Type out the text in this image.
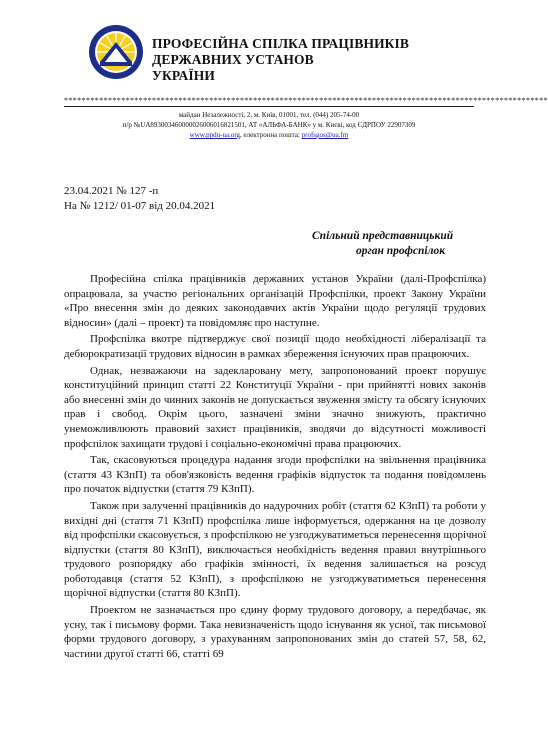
ПРОФЕСІЙНА СПІЛКА ПРАЦІВНИКІВ
ДЕРЖАВНИХ УСТАНОВ
УКРАЇНИ
**************************************************************************************************************
майдан Незалежності, 2, м. Київ, 01001, тел. (044) 205-74-00
п/р №UA893003460000026006016821501, АТ «АЛЬФА-БАНК» у м. Києві, код ЄДРПОУ 22907309
www.ppdu-ua.org, електронна пошта: profsgos@ua.fm
23.04.2021 № 127 -п
На № 1212/ 01-07 від 20.04.2021
Спільний представницький
орган профспілок

Професійна спілка працівників державних установ України (далі-Профспілка) опрацювала, за участю регіональних організацій Профспілки, проект Закону України «Про внесення змін до деяких законодавчих актів України щодо регуляції трудових відносин» (далі – проект) та повідомляє про наступне.

Профспілка вкотре підтверджує свої позиції щодо необхідності лібералізації та дебюрократизації трудових відносин в рамках збереження існуючих прав працюючих.

Однак, незважаючи на задекларовану мету, запропонований проект порушує конституційний принцип статті 22 Конституції України - при прийнятті нових законів або внесенні змін до чинних законів не допускається звуження змісту та обсягу існуючих прав і свобод. Окрім цього, зазначені зміни значно знижують, практично унеможливлюють правовий захист працівників, зводячи до відсутності можливості профспілок захищати трудові і соціально-економічні права працюючих.

Так, скасовуються процедура надання згоди профспілки на звільнення працівника (стаття 43 КЗпП) та обов'язковість ведення графіків відпусток та подання повідомлень про початок відпустки (стаття 79 КЗпП).

Також при залученні працівників до надурочних робіт (стаття 62 КЗпП) та роботи у вихідні дні (стаття 71 КЗпП) профспілка лише інформується, одержання на це дозволу від профспілки скасовується, з профспілкою не узгоджуватиметься перенесення щорічної відпустки (стаття 80 КЗпП), виключається необхідність ведення правил внутрішнього трудового розпорядку або графіків змінності, їх ведення залишається на розсуд роботодавця (стаття 52 КЗпП), з профспілкою не узгоджуватиметься перенесення щорічної відпустки (стаття 80 КЗпП).

Проектом не зазначається про єдину форму трудового договору, а передбачає, як усну, так і письмову форми. Така невизначеність щодо існування як усної, так письмової форми трудового договору, з урахуванням запропонованих змін до статей 57, 58, 62, частини другої статті 66, статті 69
